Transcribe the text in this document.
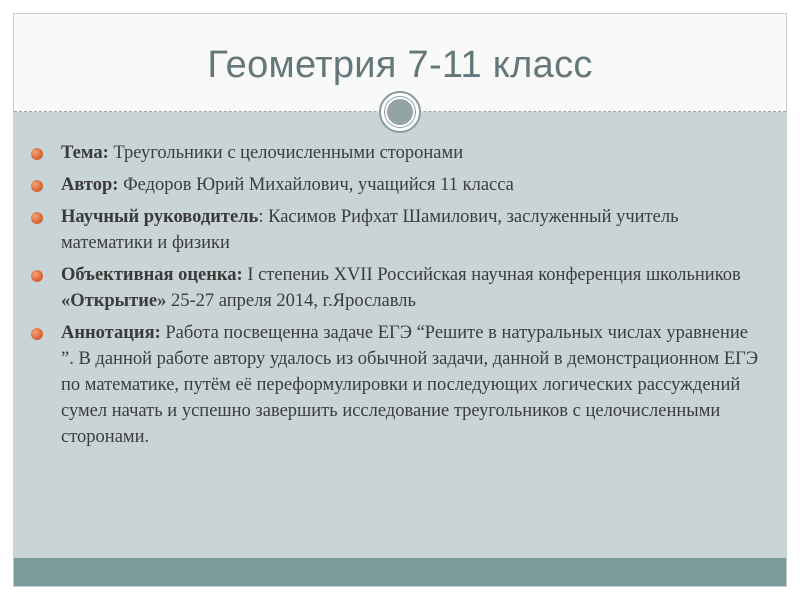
Геометрия 7-11 класс
Тема: Треугольники с целочисленными сторонами
Автор: Федоров Юрий Михайлович, учащийся 11 класса
Научный руководитель: Касимов Рифхат Шамилович, заслуженный учитель математики и физики
Объективная оценка: I степениь XVII Российская научная конференция школьников «Открытие» 25-27 апреля 2014, г.Ярославль
Аннотация: Работа посвещенна задаче ЕГЭ “Решите в натуральных числах уравнение ”. В данной работе автору удалось из обычной задачи, данной в демонстрационном ЕГЭ по математике, путём её переформулировки и последующих логических рассуждений сумел начать и успешно завершить исследование треугольников с целочисленными сторонами.
